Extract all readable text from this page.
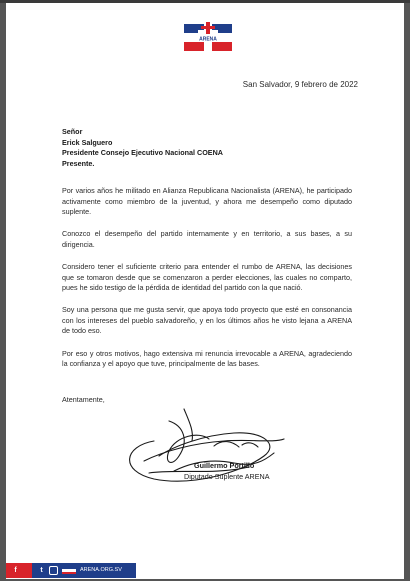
ARENA
San Salvador, 9 febrero de 2022
Señor
Erick Salguero
Presidente Consejo Ejecutivo Nacional COENA
Presente.

Por varios años he militado en Alianza Republicana Nacionalista (ARENA), he participado activamente como miembro de la juventud, y ahora me desempeño como diputado suplente.

Conozco el desempeño del partido internamente y en territorio, a sus bases, a su dirigencia.

Considero tener el suficiente criterio para entender el rumbo de ARENA, las decisiones que se tomaron desde que se comenzaron a perder elecciones, las cuales no comparto, pues he sido testigo de la pérdida de identidad del partido con la que nació.

Soy una persona que me gusta servir, que apoya todo proyecto que esté en consonancia con los intereses del pueblo salvadoreño, y en los últimos años he visto lejana a ARENA de todo eso.

Por eso y otros motivos, hago extensiva mi renuncia irrevocable a ARENA, agradeciendo la confianza y el apoyo que tuve, principalmente de las bases.

Atentamente,
Guillermo Portillo
Diputado Suplente ARENA
f	t	ARENA.ORG.SV
